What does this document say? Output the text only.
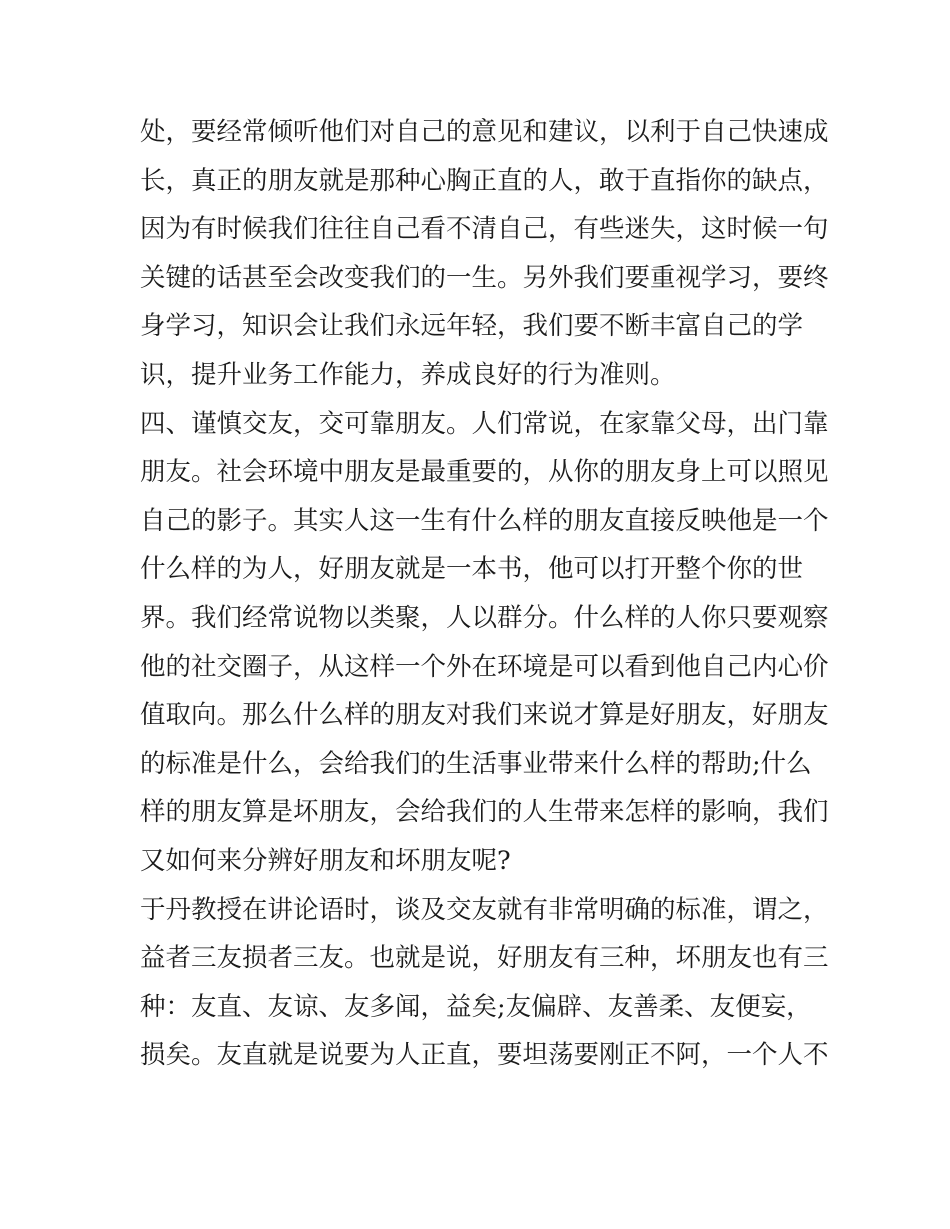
处，要经常倾听他们对自己的意见和建议，以利于自己快速成
长，真正的朋友就是那种心胸正直的人，敢于直指你的缺点，
因为有时候我们往往自己看不清自己，有些迷失，这时候一句
关键的话甚至会改变我们的一生。另外我们要重视学习，要终
身学习，知识会让我们永远年轻，我们要不断丰富自己的学
识，提升业务工作能力，养成良好的行为准则。
四、谨慎交友，交可靠朋友。人们常说，在家靠父母，出门靠
朋友。社会环境中朋友是最重要的，从你的朋友身上可以照见
自己的影子。其实人这一生有什么样的朋友直接反映他是一个
什么样的为人，好朋友就是一本书，他可以打开整个你的世
界。我们经常说物以类聚，人以群分。什么样的人你只要观察
他的社交圈子，从这样一个外在环境是可以看到他自己内心价
值取向。那么什么样的朋友对我们来说才算是好朋友，好朋友
的标准是什么，会给我们的生活事业带来什么样的帮助;什么
样的朋友算是坏朋友，会给我们的人生带来怎样的影响，我们
又如何来分辨好朋友和坏朋友呢?
于丹教授在讲论语时，谈及交友就有非常明确的标准，谓之，
益者三友损者三友。也就是说，好朋友有三种，坏朋友也有三
种：友直、友谅、友多闻，益矣;友偏辟、友善柔、友便妄，
损矣。友直就是说要为人正直，要坦荡要刚正不阿，一个人不
